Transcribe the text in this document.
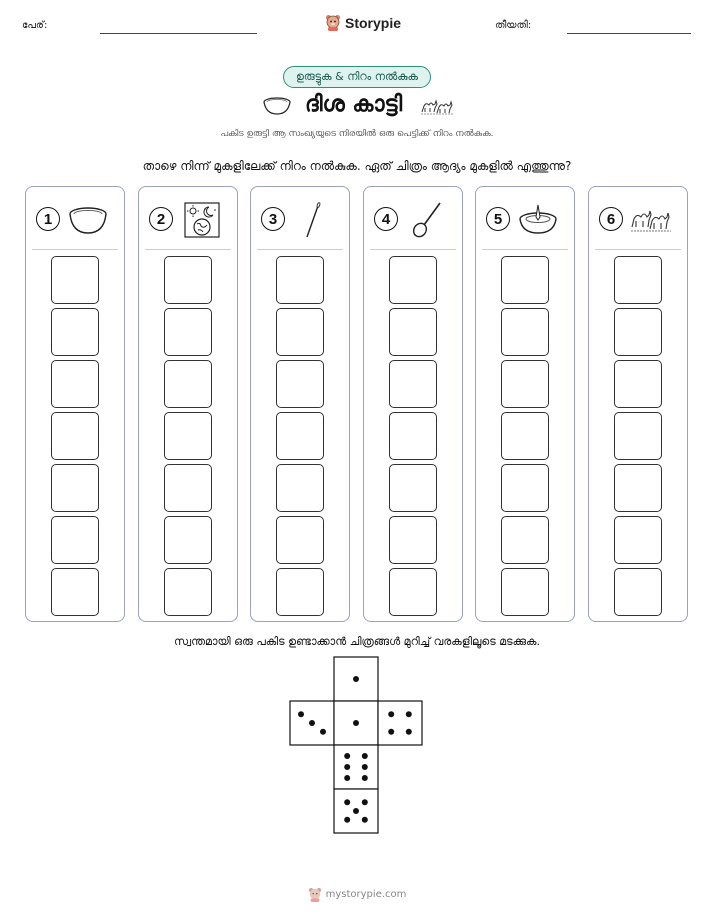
പേര്:	Storypie	തീയതി:
ഉരുട്ടുക & നിറം നൽകുക
ദിശ കാട്ടി
പകിട ഉരുട്ടി ആ സംഖ്യയുടെ നിരയിൽ ഒരു പെട്ടിക്ക് നിറം നൽകുക.
താഴെ നിന്ന് മുകളിലേക്ക് നിറം നൽകുക. ഏത് ചിത്രം ആദ്യം മുകളിൽ എത്തുന്നു?
1	2	3	4	5	6
സ്വന്തമായി ഒരു പകിട ഉണ്ടാക്കാൻ ചിത്രങ്ങൾ മുറിച്ച് വരകളിലൂടെ മടക്കുക.
mystorypie.com
